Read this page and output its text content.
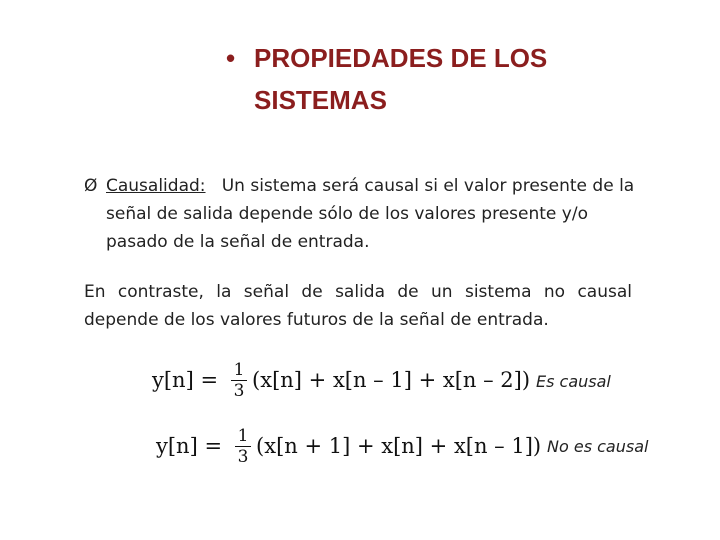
• PROPIEDADES DE LOS
SISTEMAS
Ø Causalidad: Un sistema será causal si el valor presente de la señal de salida depende sólo de los valores presente y/o pasado de la señal de entrada.
En contraste, la señal de salida de un sistema no causal depende de los valores futuros de la señal de entrada.
$y[n] = \frac{1}{3} (x[n] + x[n - 1] + x[n - 2])$ Es causal
$y[n] = \frac{1}{3} (x[n + 1] + x[n] + x[n - 1])$ No es causal
